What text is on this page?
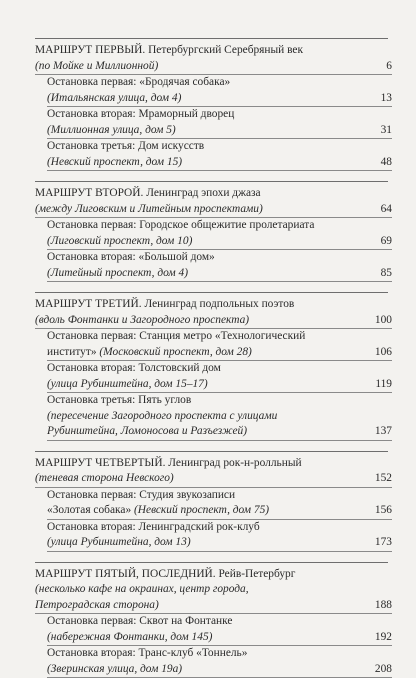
МАРШРУТ ПЕРВЫЙ. Петербургский Серебряный век
(по Мойке и Миллионной)	6
Остановка первая: «Бродячая собака»
(Итальянская улица, дом 4)	13
Остановка вторая: Мраморный дворец
(Миллионная улица, дом 5)	31
Остановка третья: Дом искусств
(Невский проспект, дом 15)	48
МАРШРУТ ВТОРОЙ. Ленинград эпохи джаза
(между Лиговским и Литейным проспектами)	64
Остановка первая: Городское общежитие пролетариата
(Лиговский проспект, дом 10)	69
Остановка вторая: «Большой дом»
(Литейный проспект, дом 4)	85
МАРШРУТ ТРЕТИЙ. Ленинград подпольных поэтов
(вдоль Фонтанки и Загородного проспекта)	100
Остановка первая: Станция метро «Технологический
институт» (Московский проспект, дом 28)	106
Остановка вторая: Толстовский дом
(улица Рубинштейна, дом 15–17)	119
Остановка третья: Пять углов
(пересечение Загородного проспекта с улицами
Рубинштейна, Ломоносова и Разъезжей)	137
МАРШРУТ ЧЕТВЕРТЫЙ. Ленинград рок-н-ролльный
(теневая сторона Невского)	152
Остановка первая: Студия звукозаписи
«Золотая собака» (Невский проспект, дом 75)	156
Остановка вторая: Ленинградский рок-клуб
(улица Рубинштейна, дом 13)	173
МАРШРУТ ПЯТЫЙ, ПОСЛЕДНИЙ. Рейв-Петербург
(несколько кафе на окраинах, центр города,
Петроградская сторона)	188
Остановка первая: Сквот на Фонтанке
(набережная Фонтанки, дом 145)	192
Остановка вторая: Транс-клуб «Тоннель»
(Зверинская улица, дом 19а)	208
